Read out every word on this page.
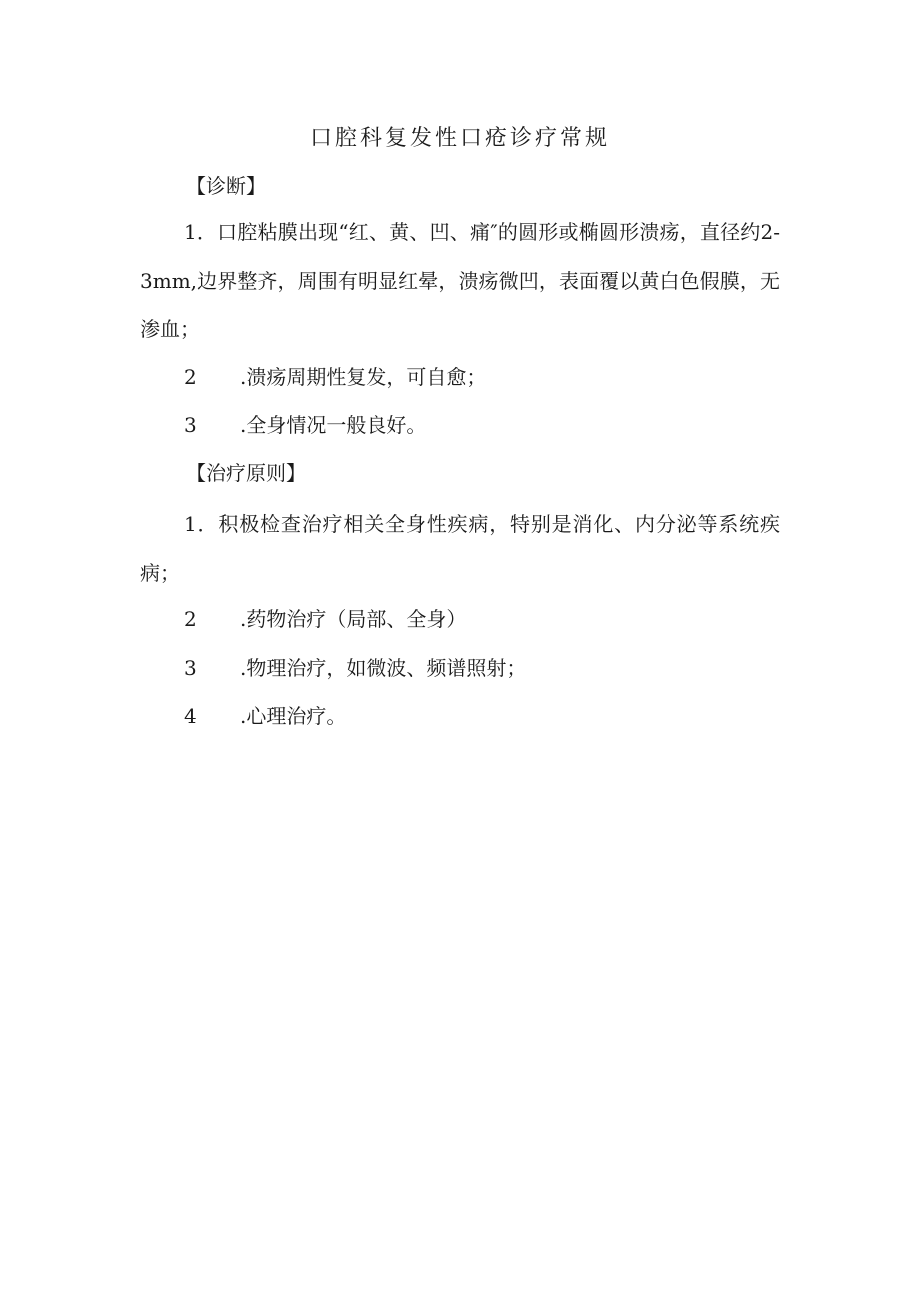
口腔科复发性口疮诊疗常规
【诊断】

1．口腔粘膜出现“红、黄、凹、痛″的圆形或椭圆形溃疡，直径约2-3mm,边界整齐，周围有明显红晕，溃疡微凹，表面覆以黄白色假膜，无渗血；

2 .溃疡周期性复发，可自愈；
3 .全身情况一般良好。
【治疗原则】

1．积极检查治疗相关全身性疾病，特别是消化、内分泌等系统疾病；

2 .药物治疗（局部、全身）
3 .物理治疗，如微波、频谱照射；
4 .心理治疗。
